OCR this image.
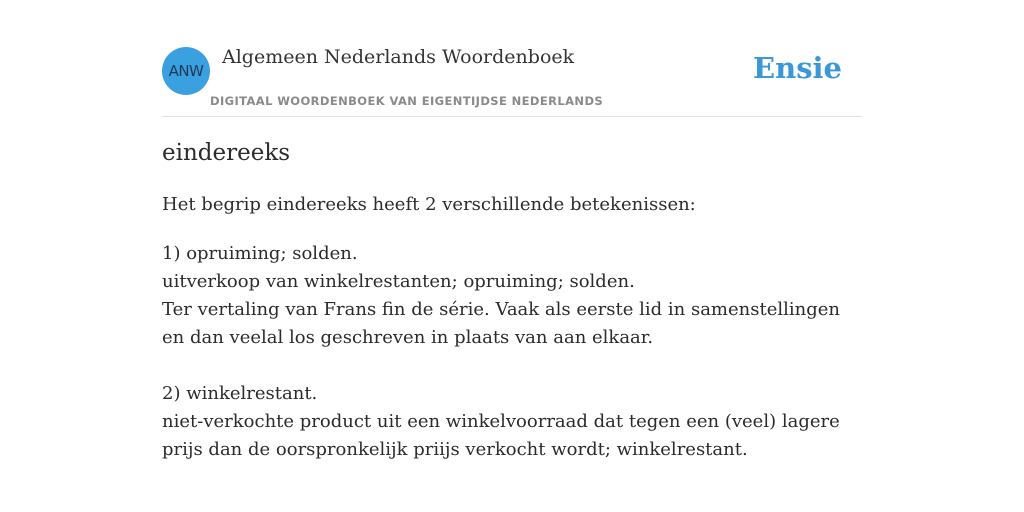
ANW
Algemeen Nederlands Woordenboek
DIGITAAL WOORDENBOEK VAN EIGENTIJDSE NEDERLANDS
Ensie
eindereeks
Het begrip eindereeks heeft 2 verschillende betekenissen:

1) opruiming; solden.

uitverkoop van winkelrestanten; opruiming; solden.

Ter vertaling van Frans fin de série. Vaak als eerste lid in samenstellingen en dan veelal los geschreven in plaats van aan elkaar.

2) winkelrestant.

niet-verkochte product uit een winkelvoorraad dat tegen een (veel) lagere prijs dan de oorspronkelijk priijs verkocht wordt; winkelrestant.
